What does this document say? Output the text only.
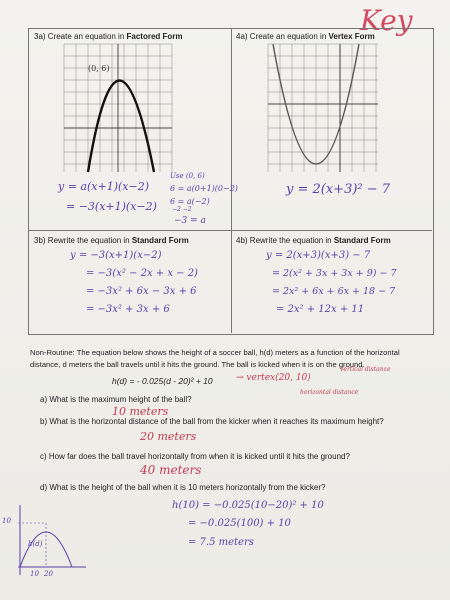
Key
3a) Create an equation in Factored Form
(0, 6)
y = a(x+1)(x−2)
= −3(x+1)(x−2)
Use (0, 6)
6 = a(0+1)(0−2)
6 = a(−2)
−2 −2
−3 = a
4a) Create an equation in Vertex Form
y = 2(x+3)² − 7
3b) Rewrite the equation in Standard Form
y = −3(x+1)(x−2)
= −3(x² − 2x + x − 2)
= −3x² + 6x − 3x + 6
= −3x² + 3x + 6
4b) Rewrite the equation in Standard Form
y = 2(x+3)(x+3) − 7
= 2(x² + 3x + 3x + 9) − 7
= 2x² + 6x + 6x + 18 − 7
= 2x² + 12x + 11
Non-Routine: The equation below shows the height of a soccer ball, h(d) meters as a function of the horizontal
distance, d meters the ball travels until it hits the ground. The ball is kicked when it is on the ground.
h(d) = - 0.025(d - 20)² + 10	→ vertex(20, 10)
vertical distance
horizontal distance
a) What is the maximum height of the ball?
10 meters
b) What is the horizontal distance of the ball from the kicker when it reaches its maximum height?
20 meters
c) How far does the ball travel horizontally from when it is kicked until it hits the ground?
40 meters
d) What is the height of the ball when it is 10 meters horizontally from the kicker?
h(10) = −0.025(10−20)² + 10
= −0.025(100) + 10
= 7.5 meters
10
10 20
h(d)
